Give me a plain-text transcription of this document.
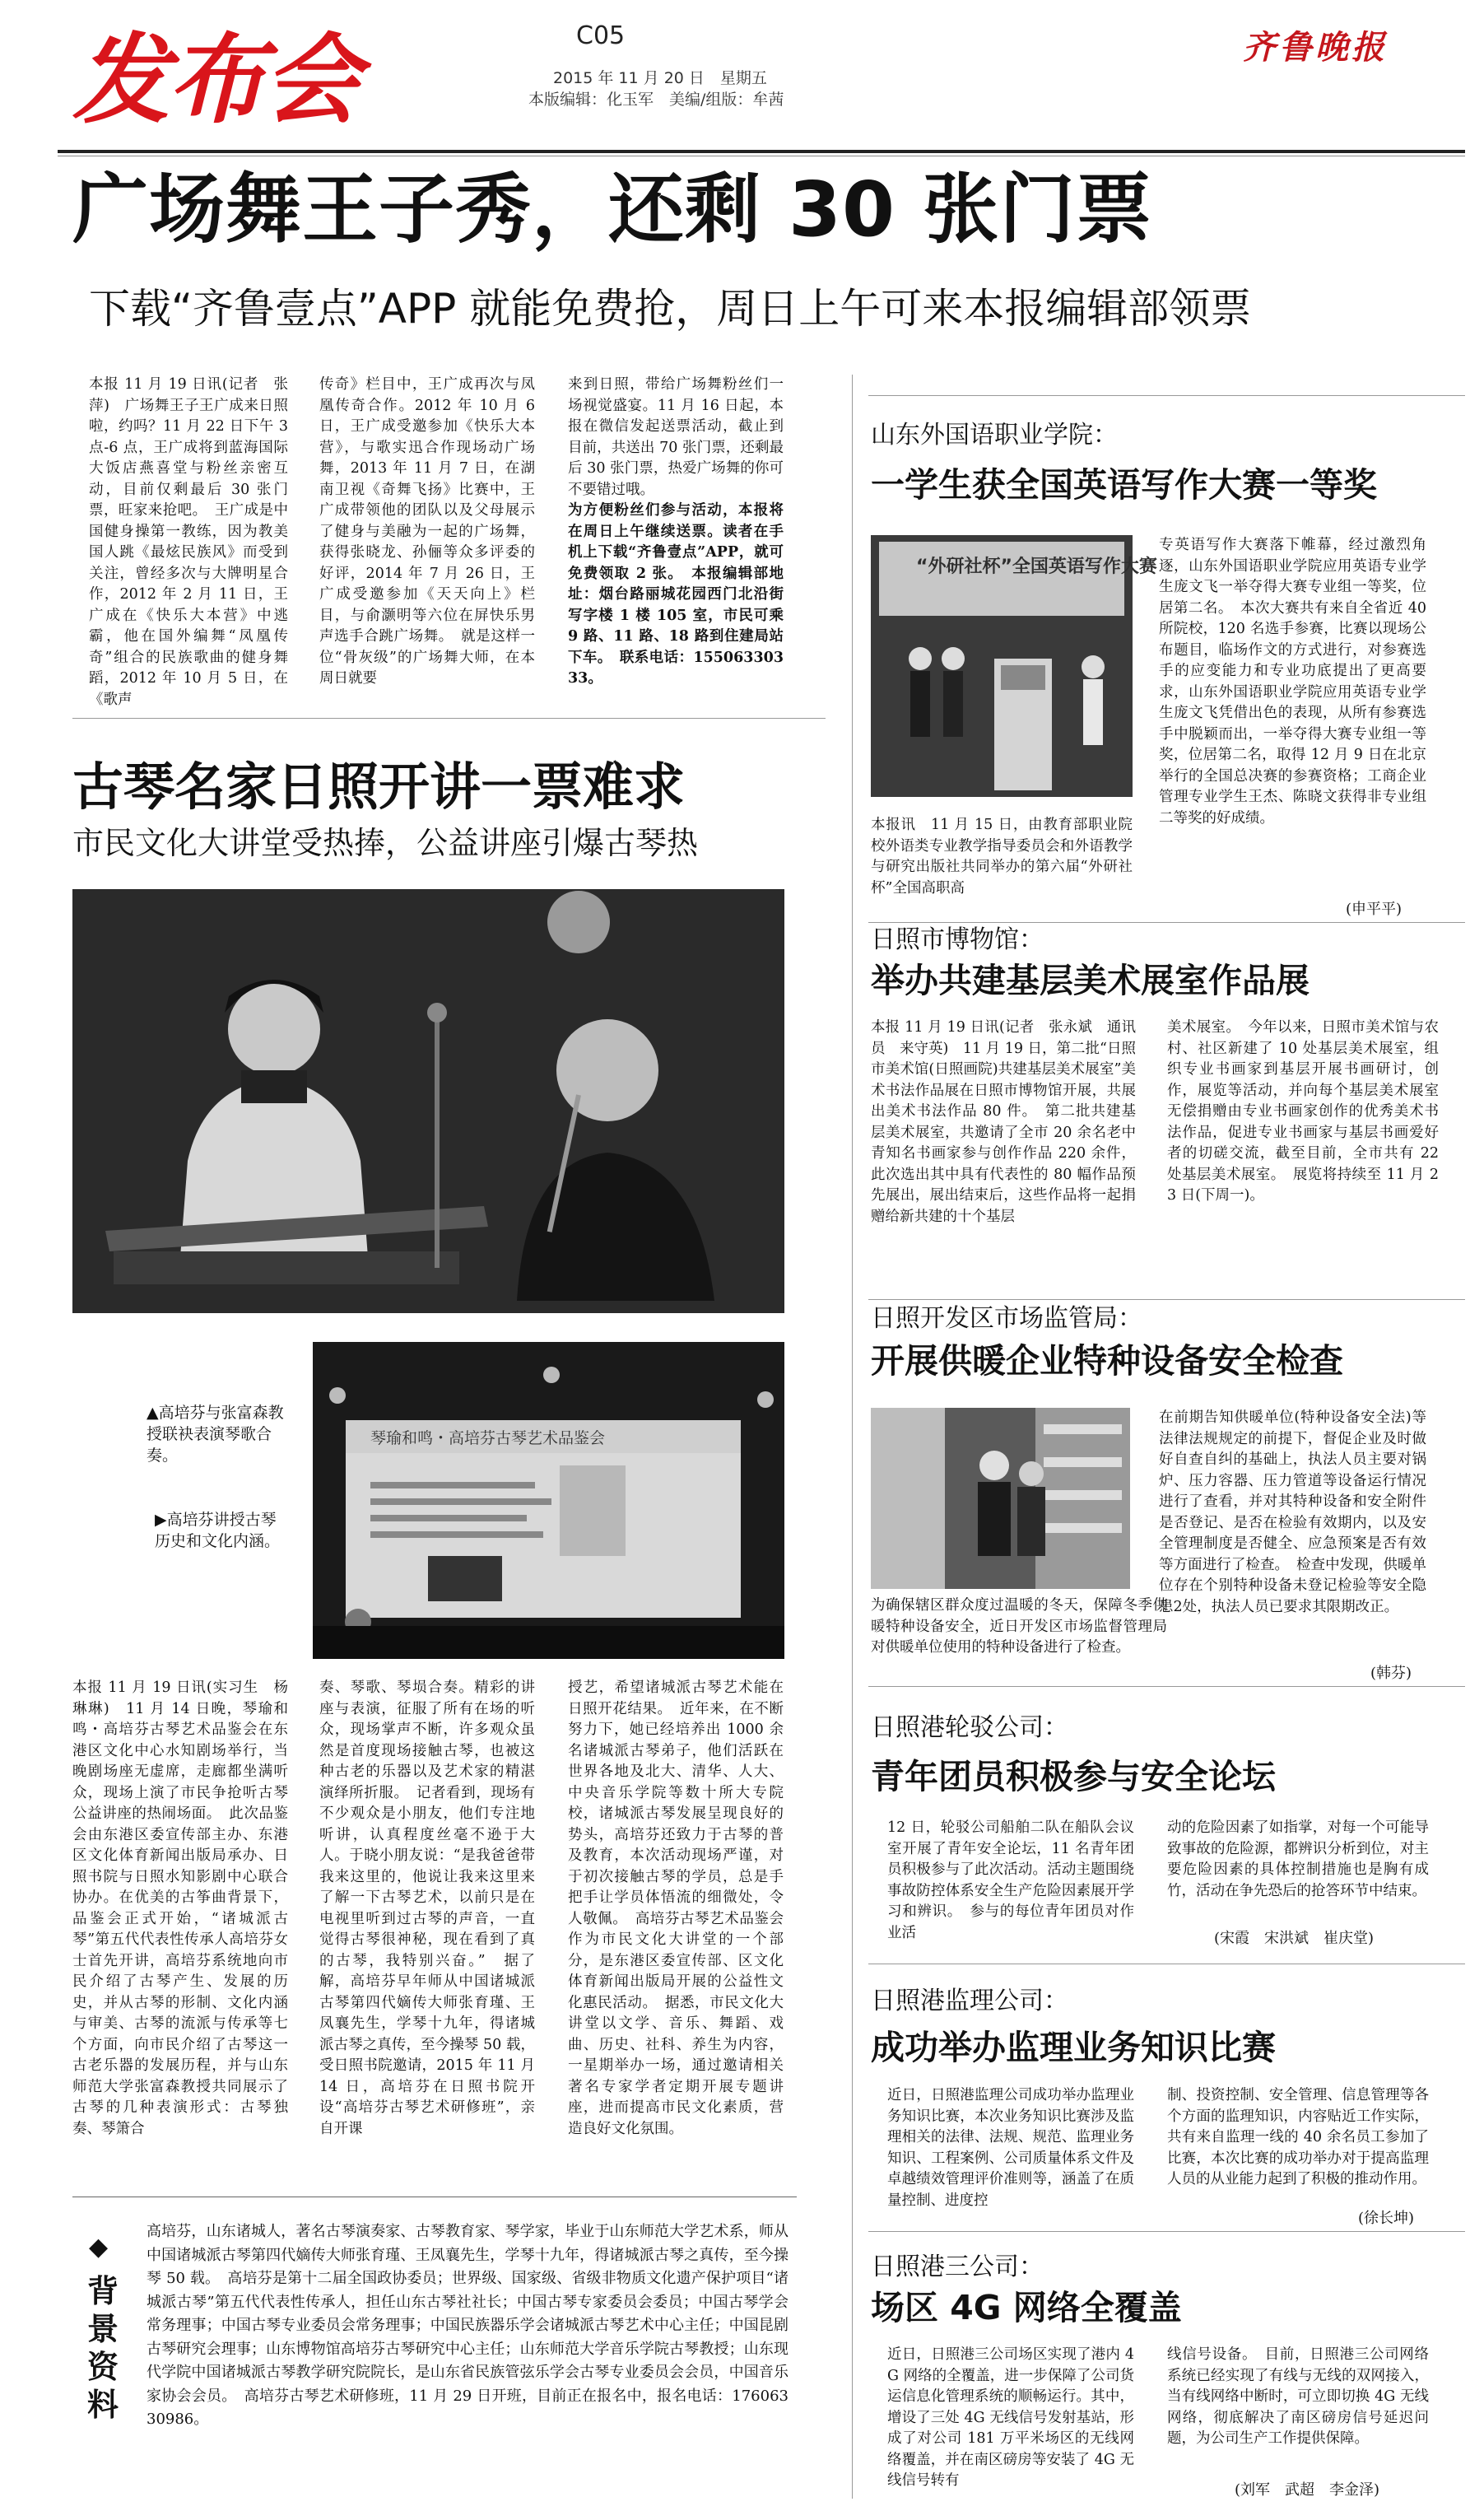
发布会	C05
2015 年 11 月 20 日　星期五
本版编辑：化玉军　美编/组版：牟茜
齐鲁晚报
广场舞王子秀，还剩 30 张门票
下载“齐鲁壹点”APP 就能免费抢，周日上午可来本报编辑部领票
本报 11 月 19 日讯(记者　张萍)　广场舞王子王广成来日照啦，约吗？11 月 22 日下午 3 点-6 点，王广成将到蓝海国际大饭店燕喜堂与粉丝亲密互动，目前仅剩最后 30 张门票，旺家来抢吧。　王广成是中国健身操第一教练，因为教美国人跳《最炫民族风》而受到关注，曾经多次与大牌明星合作，2012 年 2 月 11 日，王广成在《快乐大本营》中逃霸，他在国外编舞“凤凰传奇”组合的民族歌曲的健身舞蹈，2012 年 10 月 5 日，在《歌声
传奇》栏目中，王广成再次与凤凰传奇合作。2012 年 10 月 6 日，王广成受邀参加《快乐大本营》，与歌实迅合作现场动广场舞，2013 年 11 月 7 日，在湖南卫视《奇舞飞扬》比赛中，王广成带领他的团队以及父母展示了健身与美融为一起的广场舞，获得张晓龙、孙俪等众多评委的好评，2014 年 7 月 26 日，王广成受邀参加《天天向上》栏目，与俞灏明等六位在屏快乐男声选手合跳广场舞。　就是这样一位“骨灰级”的广场舞大师，在本周日就要
来到日照，带给广场舞粉丝们一场视觉盛宴。11 月 16 日起，本报在微信发起送票活动，截止到目前，共送出 70 张门票，还剩最后 30 张门票，热爱广场舞的你可不要错过哦。
为方便粉丝们参与活动，本报将在周日上午继续送票。读者在手机上下载“齐鲁壹点”APP，就可免费领取 2 张。　本报编辑部地址：烟台路丽城花园西门北沿街写字楼 1 楼 105 室，市民可乘 9 路、11 路、18 路到住建局站下车。　联系电话：15506330333。
古琴名家日照开讲一票难求
市民文化大讲堂受热捧，公益讲座引爆古琴热
琴瑜和鸣・高培芬古琴艺术品鉴会
▲高培芬与张富森教授联袂表演琴歌合奏。
▶高培芬讲授古琴历史和文化内涵。
本报 11 月 19 日讯(实习生　杨琳琳)　11 月 14 日晚，琴瑜和鸣・高培芬古琴艺术品鉴会在东港区文化中心水知剧场举行，当晚剧场座无虚席，走廊都坐满听众，现场上演了市民争抢听古琴公益讲座的热闹场面。　此次品鉴会由东港区委宣传部主办、东港区文化体育新闻出版局承办、日照书院与日照水知影剧中心联合协办。在优美的古筝曲背景下，品鉴会正式开始，“诸城派古琴”第五代代表性传承人高培芬女士首先开讲，高培芬系统地向市民介绍了古琴产生、发展的历史，并从古琴的形制、文化内涵与审美、古琴的流派与传承等七个方面，向市民介绍了古琴这一古老乐器的发展历程，并与山东师范大学张富森教授共同展示了古琴的几种表演形式：古琴独奏、琴箫合
奏、琴歌、琴埙合奏。精彩的讲座与表演，征服了所有在场的听众，现场掌声不断，许多观众虽然是首度现场接触古琴，也被这种古老的乐器以及艺术家的精湛演绎所折服。　记者看到，现场有不少观众是小朋友，他们专注地听讲，认真程度丝毫不逊于大人。于晓小朋友说：“是我爸爸带我来这里的，他说让我来这里来了解一下古琴艺术，以前只是在电视里听到过古琴的声音，一直觉得古琴很神秘，现在看到了真的古琴，我特别兴奋。”　据了解，高培芬早年师从中国诸城派古琴第四代嫡传大师张育瑾、王凤襄先生，学琴十九年，得诸城派古琴之真传，至今操琴 50 载，受日照书院邀请，2015 年 11 月 14 日，高培芬在日照书院开设“高培芬古琴艺术研修班”，亲自开课
授艺，希望诸城派古琴艺术能在日照开花结果。　近年来，在不断努力下，她已经培养出 1000 余名诸城派古琴弟子，他们活跃在世界各地及北大、清华、人大、中央音乐学院等数十所大专院校，诸城派古琴发展呈现良好的势头，高培芬还致力于古琴的普及教育，本次活动现场严谨，对于初次接触古琴的学员，总是手把手让学员体悟流的细微处，令人敬佩。　高培芬古琴艺术品鉴会作为市民文化大讲堂的一个部分，是东港区委宣传部、区文化体育新闻出版局开展的公益性文化惠民活动。　据悉，市民文化大讲堂以文学、音乐、舞蹈、戏曲、历史、社科、养生为内容，一星期举办一场，通过邀请相关著名专家学者定期开展专题讲座，进而提高市民文化素质，营造良好文化氛围。
◆
背景资料
高培芬，山东诸城人，著名古琴演奏家、古琴教育家、琴学家，毕业于山东师范大学艺术系，师从中国诸城派古琴第四代嫡传大师张育瑾、王凤襄先生，学琴十九年，得诸城派古琴之真传，至今操琴 50 载。　高培芬是第十二届全国政协委员；世界级、国家级、省级非物质文化遗产保护项目“诸城派古琴”第五代代表性传承人，担任山东古琴社社长；中国古琴专家委员会委员；中国古琴学会常务理事；中国古琴专业委员会常务理事；中国民族器乐学会诸城派古琴艺术中心主任；中国昆剧古琴研究会理事；山东博物馆高培芬古琴研究中心主任；山东师范大学音乐学院古琴教授；山东现代学院中国诸城派古琴教学研究院院长，是山东省民族管弦乐学会古琴专业委员会会员，中国音乐家协会会员。　高培芬古琴艺术研修班，11 月 29 日开班，目前正在报名中，报名电话：17606330986。
山东外国语职业学院：
一学生获全国英语写作大赛一等奖
“外研社杯”全国英语写作大赛
本报讯　11 月 15 日，由教育部职业院校外语类专业教学指导委员会和外语教学与研究出版社共同举办的第六届“外研社杯”全国高职高
专英语写作大赛落下帷幕，经过激烈角逐，山东外国语职业学院应用英语专业学生庞文飞一举夺得大赛专业组一等奖，位居第二名。　本次大赛共有来自全省近 40 所院校，120 名选手参赛，比赛以现场公布题目，临场作文的方式进行，对参赛选手的应变能力和专业功底提出了更高要求，山东外国语职业学院应用英语专业学生庞文飞凭借出色的表现，从所有参赛选手中脱颖而出，一举夺得大赛专业组一等奖，位居第二名，取得 12 月 9 日在北京举行的全国总决赛的参赛资格；工商企业管理专业学生王杰、陈晓文获得非专业组二等奖的好成绩。
(申平平)
日照市博物馆：
举办共建基层美术展室作品展
本报 11 月 19 日讯(记者　张永斌　通讯员　来守英)　11 月 19 日，第二批“日照市美术馆(日照画院)共建基层美术展室”美术书法作品展在日照市博物馆开展，共展出美术书法作品 80 件。　第二批共建基层美术展室，共邀请了全市 20 余名老中青知名书画家参与创作作品 220 余件，此次选出其中具有代表性的 80 幅作品预先展出，展出结束后，这些作品将一起捐赠给新共建的十个基层
美术展室。　今年以来，日照市美术馆与农村、社区新建了 10 处基层美术展室，组织专业书画家到基层开展书画研讨，创作，展览等活动，并向每个基层美术展室无偿捐赠由专业书画家创作的优秀美术书法作品，促进专业书画家与基层书画爱好者的切磋交流，截至目前，全市共有 22 处基层美术展室。　展览将持续至 11 月 23 日(下周一)。
日照开发区市场监管局：
开展供暖企业特种设备安全检查
为确保辖区群众度过温暖的冬天，保障冬季供暖特种设备安全，近日开发区市场监督管理局对供暖单位使用的特种设备进行了检查。
在前期告知供暖单位(特种设备安全法)等法律法规规定的前提下，督促企业及时做好自查自纠的基础上，执法人员主要对锅炉、压力容器、压力管道等设备运行情况进行了查看，并对其特种设备和安全附件是否登记、是否在检验有效期内，以及安全管理制度是否健全、应急预案是否有效等方面进行了检查。　检查中发现，供暖单位存在个别特种设备未登记检验等安全隐患2处，执法人员已要求其限期改正。
(韩芬)
日照港轮驳公司：
青年团员积极参与安全论坛
12 日，轮驳公司船舶二队在船队会议室开展了青年安全论坛，11 名青年团员积极参与了此次活动。活动主题围绕事故防控体系安全生产危险因素展开学习和辨识。　参与的每位青年团员对作业活
动的危险因素了如指掌，对每一个可能导致事故的危险源，都辨识分析到位，对主要危险因素的具体控制措施也是胸有成竹，活动在争先恐后的抢答环节中结束。
(宋霞　宋洪斌　崔庆堂)
日照港监理公司：
成功举办监理业务知识比赛
近日，日照港监理公司成功举办监理业务知识比赛，本次业务知识比赛涉及监理相关的法律、法规、规范、监理业务知识、工程案例、公司质量体系文件及卓越绩效管理评价准则等，涵盖了在质量控制、进度控
制、投资控制、安全管理、信息管理等各个方面的监理知识，内容贴近工作实际，共有来自监理一线的 40 余名员工参加了比赛，本次比赛的成功举办对于提高监理人员的从业能力起到了积极的推动作用。
(徐长坤)
日照港三公司：
场区 4G 网络全覆盖
近日，日照港三公司场区实现了港内 4G 网络的全覆盖，进一步保障了公司货运信息化管理系统的顺畅运行。其中，增设了三处 4G 无线信号发射基站，形成了对公司 181 万平米场区的无线网络覆盖，并在南区磅房等安装了 4G 无线信号转有
线信号设备。　目前，日照港三公司网络系统已经实现了有线与无线的双网接入，当有线网络中断时，可立即切换 4G 无线网络，彻底解决了南区磅房信号延迟问题，为公司生产工作提供保障。
(刘军　武超　李金泽)
